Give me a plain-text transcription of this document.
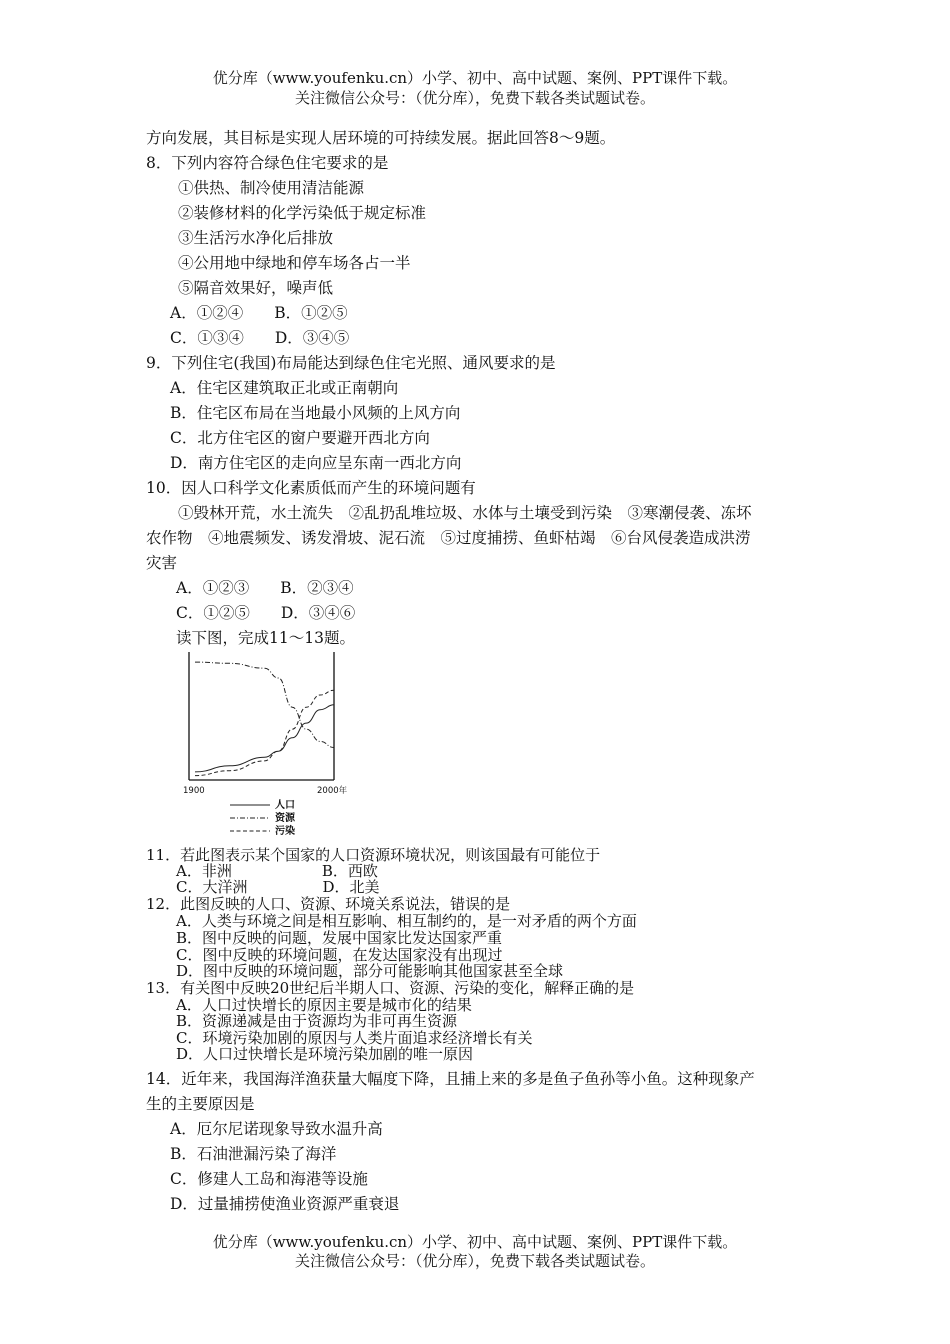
优分库（www.youfenku.cn）小学、初中、高中试题、案例、PPT课件下载。
关注微信公众号：（优分库），免费下载各类试题试卷。
方向发展，其目标是实现人居环境的可持续发展。据此回答8～9题。
8．下列内容符合绿色住宅要求的是
①供热、制冷使用清洁能源
②装修材料的化学污染低于规定标准
③生活污水净化后排放
④公用地中绿地和停车场各占一半
⑤隔音效果好，噪声低
A．①②④　　B．①②⑤
C．①③④　　D．③④⑤
9．下列住宅(我国)布局能达到绿色住宅光照、通风要求的是
A．住宅区建筑取正北或正南朝向
B．住宅区布局在当地最小风频的上风方向
C．北方住宅区的窗户要避开西北方向
D．南方住宅区的走向应呈东南一西北方向
10．因人口科学文化素质低而产生的环境问题有
①毁林开荒，水土流失　②乱扔乱堆垃圾、水体与土壤受到污染　③寒潮侵袭、冻坏
农作物　④地震频发、诱发滑坡、泥石流　⑤过度捕捞、鱼虾枯竭　⑥台风侵袭造成洪涝
灾害
A．①②③　　B．②③④
C．①②⑤　　D．③④⑥
读下图，完成11～13题。
1900	2000年
人口
资源
污染
11．若此图表示某个国家的人口资源环境状况，则该国最有可能位于
A．非洲　　　　　　B．西欧
C．大洋洲　　　　　D．北美
12．此图反映的人口、资源、环境关系说法，错误的是
A．人类与环境之间是相互影响、相互制约的，是一对矛盾的两个方面
B．图中反映的问题，发展中国家比发达国家严重
C．图中反映的环境问题，在发达国家没有出现过
D．图中反映的环境问题，部分可能影响其他国家甚至全球
13．有关图中反映20世纪后半期人口、资源、污染的变化，解释正确的是
A．人口过快增长的原因主要是城市化的结果
B．资源递减是由于资源均为非可再生资源
C．环境污染加剧的原因与人类片面追求经济增长有关
D．人口过快增长是环境污染加剧的唯一原因
14．近年来，我国海洋渔获量大幅度下降，且捕上来的多是鱼子鱼孙等小鱼。这种现象产
生的主要原因是
A．厄尔尼诺现象导致水温升高
B．石油泄漏污染了海洋
C．修建人工岛和海港等设施
D．过量捕捞使渔业资源严重衰退
优分库（www.youfenku.cn）小学、初中、高中试题、案例、PPT课件下载。
关注微信公众号：（优分库），免费下载各类试题试卷。
